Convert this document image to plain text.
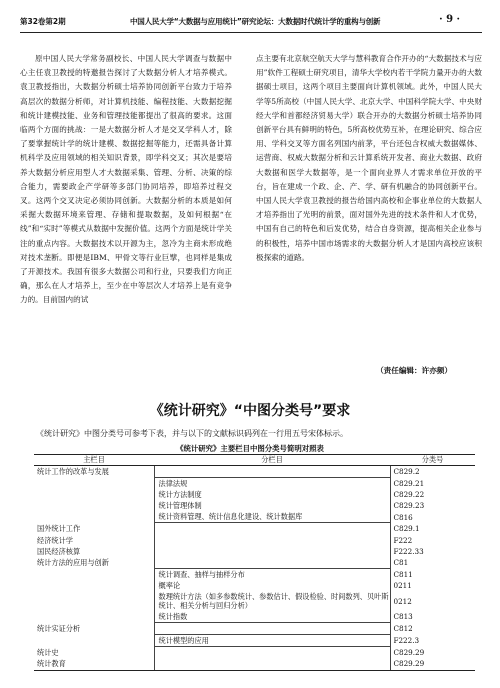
第32卷第2期	中国人民大学“大数据与应用统计”研究论坛：大数据时代统计学的重构与创新	· 9 ·
原中国人民大学常务副校长、中国人民大学调查与数据中心主任袁卫教授的特邀报告探讨了大数据分析人才培养模式。袁卫教授指出，大数据分析硕士培养协同创新平台致力于培养高层次的数据分析师，对计算机技能、编程技能、大数据挖掘和统计建模技能、业务和管理技能都提出了很高的要求。这面临两个方面的挑战：一是大数据分析人才是交叉学科人才，除了要掌握统计学的统计建模、数据挖掘等能力，还需具备计算机科学及应用领域的相关知识背景，即学科交叉；其次是要培养大数据分析应用型人才大数据采集、管理、分析、决策的综合能力，需要政企产学研等多部门协同培养，即培养过程交叉。这两个交叉决定必须协同创新。大数据分析的本质是如何采掘大数据环境来管理、存储和提取数据，及如何根据“在线”和“实时”等模式从数据中发掘价值。这两个方面是统计学关注的重点内容。大数据技术以开源为主，忽冷为主商未形成绝对技术垄断。即便是IBM、甲骨文等行业巨擘，也同样是集成了开源技术。我国有很多大数据公司和行业，只要我们方向正确，那么在人才培养上，至少在中等层次人才培养上是有竞争力的。目前国内的试

点主要有北京航空航天大学与慧科教育合作开办的“大数据技术与应用”软件工程硕士研究项目，清华大学校内若干学院力量开办的大数据硕士项目，这两个项目主要面向计算机领域。此外，中国人民大学等5所高校（中国人民大学、北京大学、中国科学院大学、中央财经大学和首都经济贸易大学）联合开办的大数据分析硕士培养协同创新平台具有鲜明的特色，5所高校优势互补，在理论研究、综合应用、学科交叉等方面名列国内前茅，平台还包含权威大数据媒体、运营商、权威大数据分析和云计算系统开发者、商业大数据、政府大数据和医学大数据等，是一个面向业界人才需求单位开放的平台，旨在建成一个政、企、产、学、研有机融合的协同创新平台。中国人民大学袁卫教授的报告给国内高校和企事业单位的大数据人才培养指出了光明的前景，面对国外先进的技术条件和人才优势，中国有自己的特色和后发优势，结合自身资源，提高相关企业参与的积极性，培养中国市场需求的大数据分析人才是国内高校应该积极探索的道路。

（责任编辑：许亦频）
《统计研究》“中图分类号”要求
《统计研究》中图分类号可参考下表，并与以下的文献标识码列在一行用五号宋体标示。
《统计研究》主要栏目中图分类号简明对照表
主栏目	分栏目	分类号
统计工作的改革与发展		C829.2
	法律法规	C829.21
	统计方法制度	C829.22
	统计管理体制	C829.23
	统计资料管理、统计信息化建设、统计数据库	C816
国外统计工作		C829.1
经济统计学		F222
国民经济核算		F222.33
统计方法的应用与创新		C81
	统计调查、抽样与抽样分布	C811
	概率论	0211
	数理统计方法（如多参数统计、参数估计、假设检验、时间数列、贝叶斯统计、相关分析与回归分析）	0212
	统计指数	C813
统计实证分析		C812
	统计模型的应用	F222.3
统计史		C829.29
统计教育		C829.29
